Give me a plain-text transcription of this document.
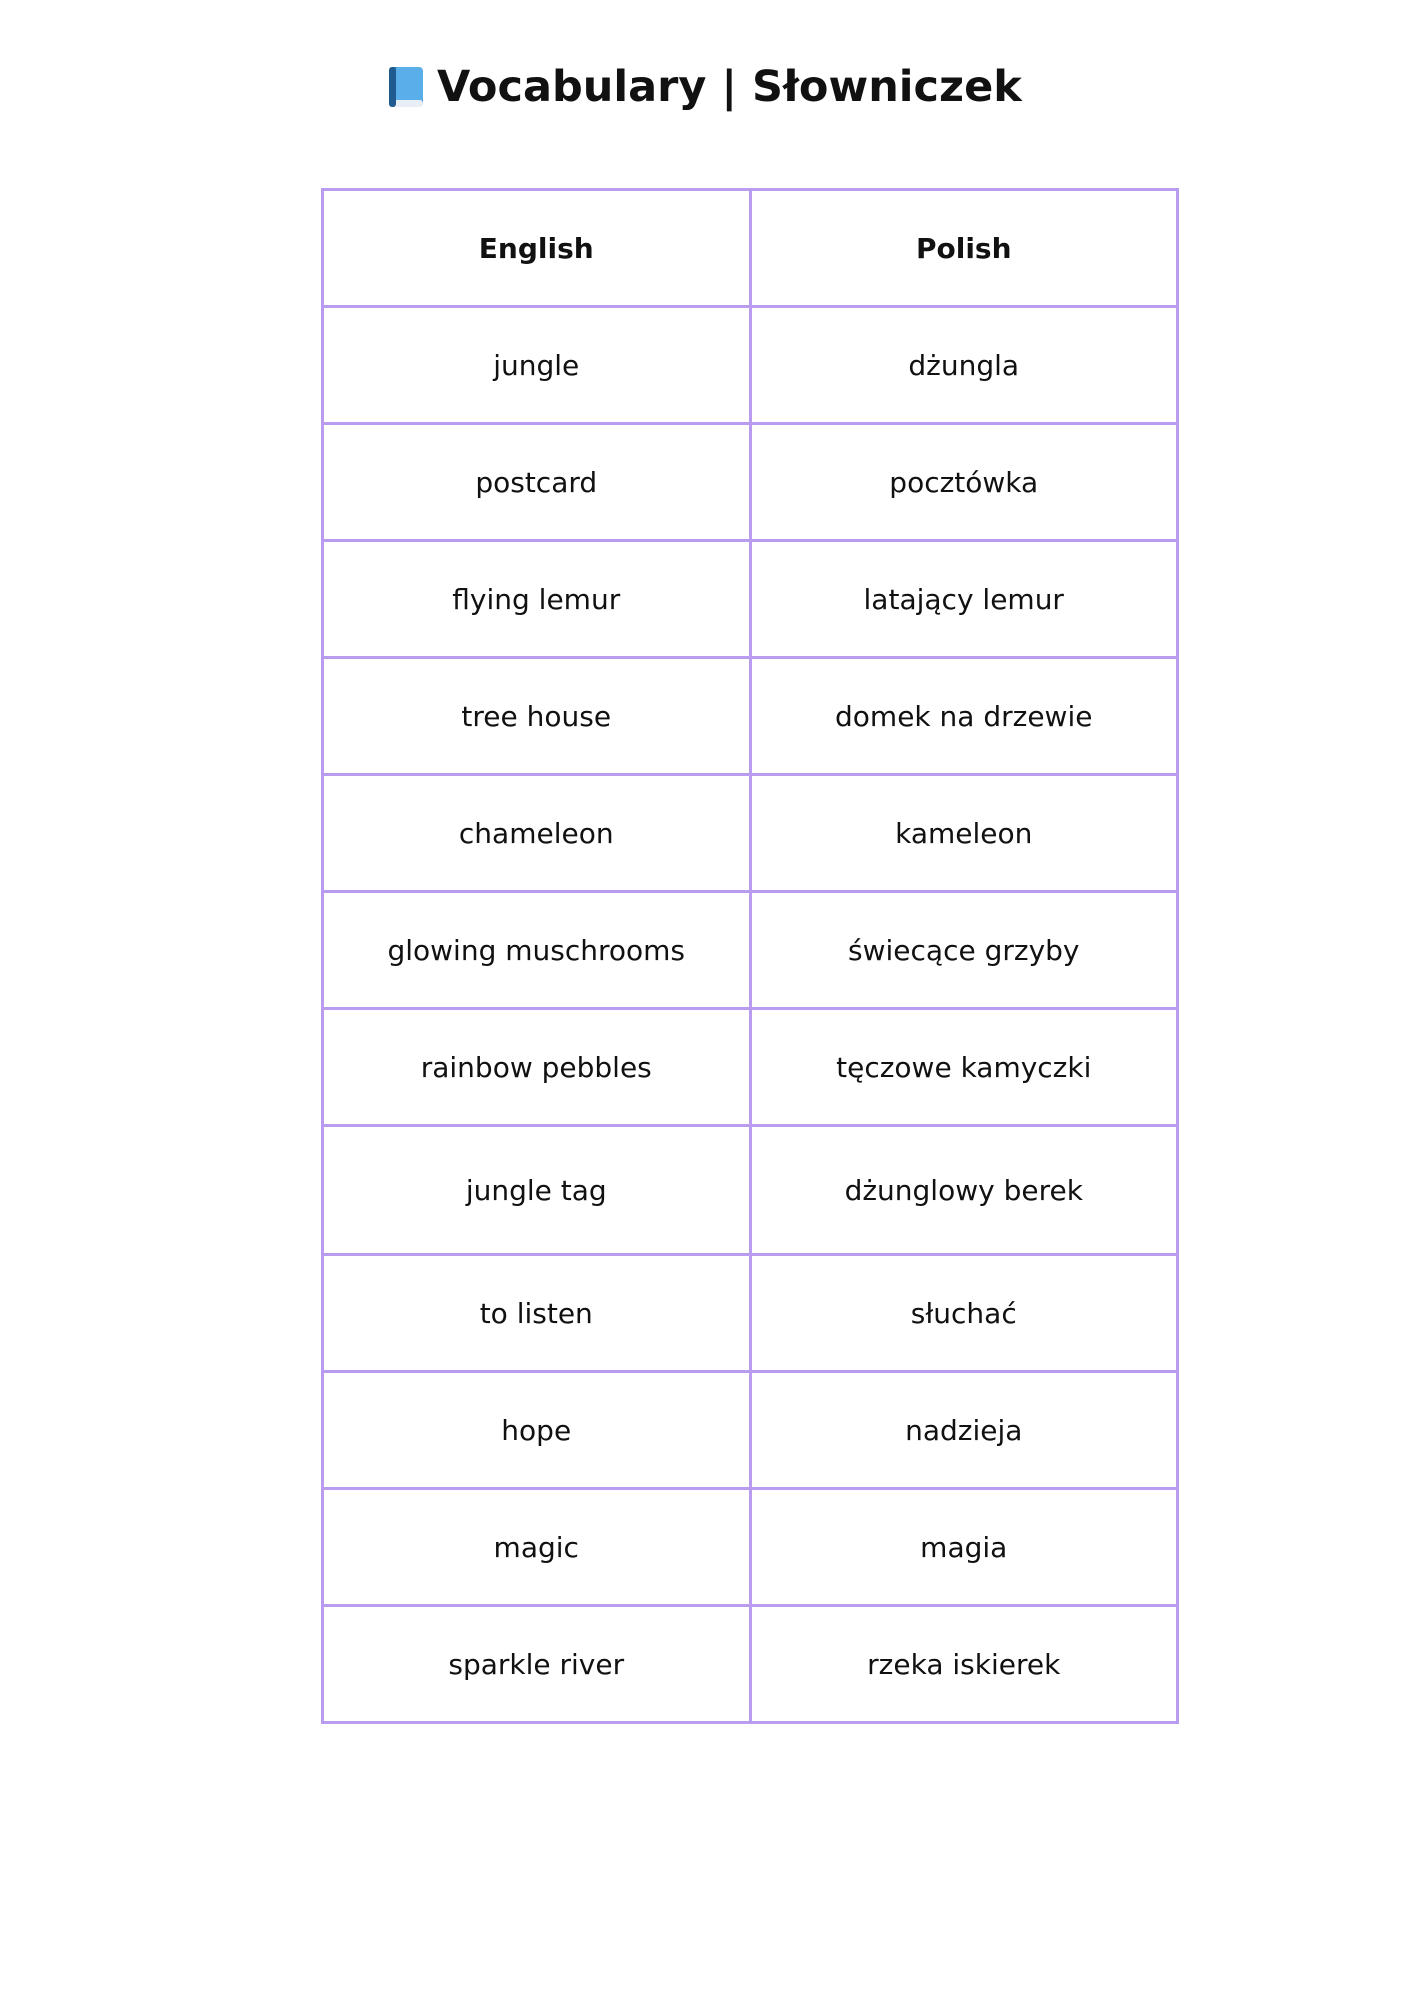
Vocabulary | Słowniczek
English	Polish
jungle	dżungla
postcard	pocztówka
flying lemur	latający lemur
tree house	domek na drzewie
chameleon	kameleon
glowing muschrooms	świecące grzyby
rainbow pebbles	tęczowe kamyczki
jungle tag	dżunglowy berek
to listen	słuchać
hope	nadzieja
magic	magia
sparkle river	rzeka iskierek
